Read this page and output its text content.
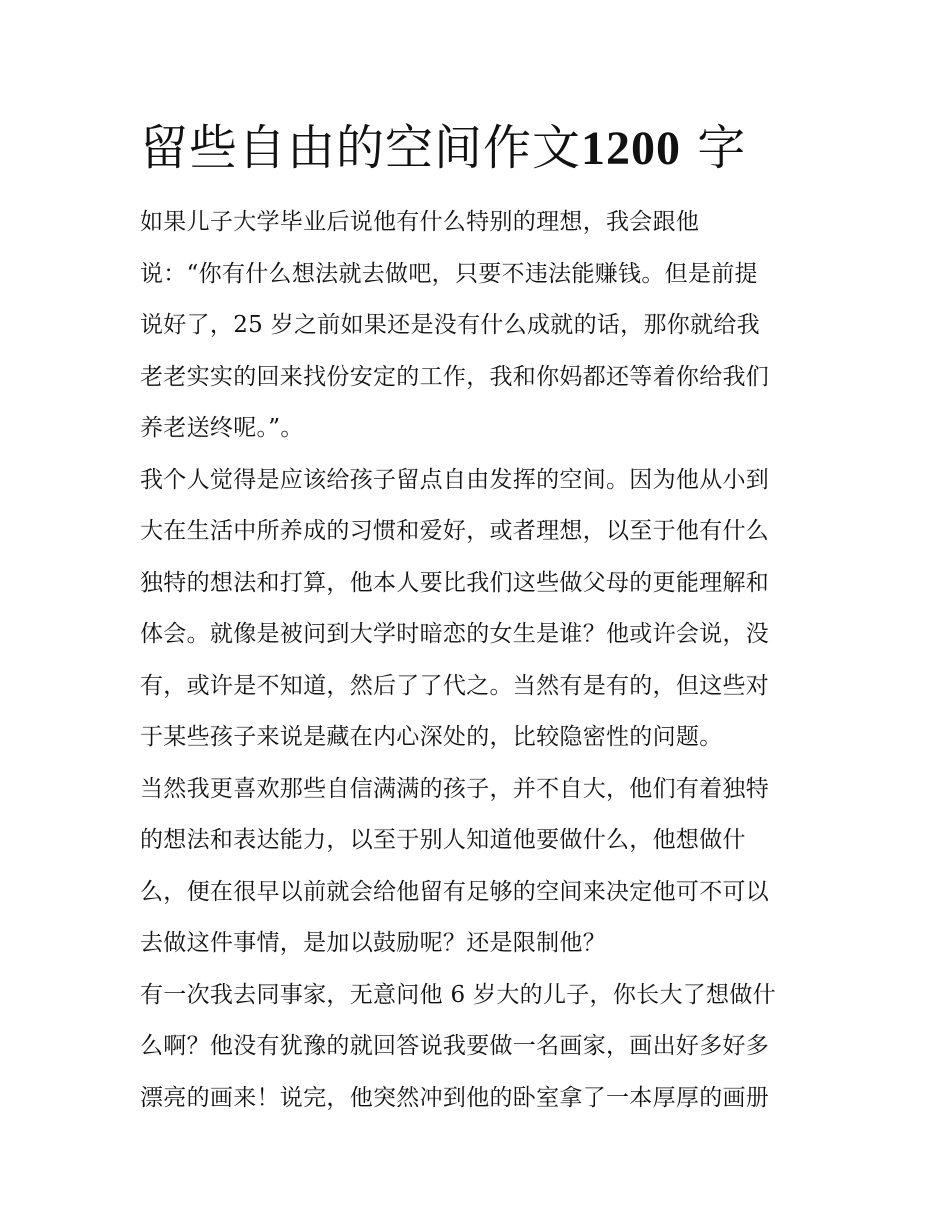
留些自由的空间作文1200 字

如果儿子大学毕业后说他有什么特别的理想，我会跟他
说：“你有什么想法就去做吧，只要不违法能赚钱。但是前提
说好了，25 岁之前如果还是没有什么成就的话，那你就给我
老老实实的回来找份安定的工作，我和你妈都还等着你给我们
养老送终呢。”。

我个人觉得是应该给孩子留点自由发挥的空间。因为他从小到
大在生活中所养成的习惯和爱好，或者理想，以至于他有什么
独特的想法和打算，他本人要比我们这些做父母的更能理解和
体会。就像是被问到大学时暗恋的女生是谁？他或许会说，没
有，或许是不知道，然后了了代之。当然有是有的，但这些对
于某些孩子来说是藏在内心深处的，比较隐密性的问题。

当然我更喜欢那些自信满满的孩子，并不自大，他们有着独特
的想法和表达能力，以至于别人知道他要做什么，他想做什
么，便在很早以前就会给他留有足够的空间来决定他可不可以
去做这件事情，是加以鼓励呢？还是限制他？

有一次我去同事家，无意问他 6 岁大的儿子，你长大了想做什
么啊？他没有犹豫的就回答说我要做一名画家，画出好多好多
漂亮的画来！说完，他突然冲到他的卧室拿了一本厚厚的画册
